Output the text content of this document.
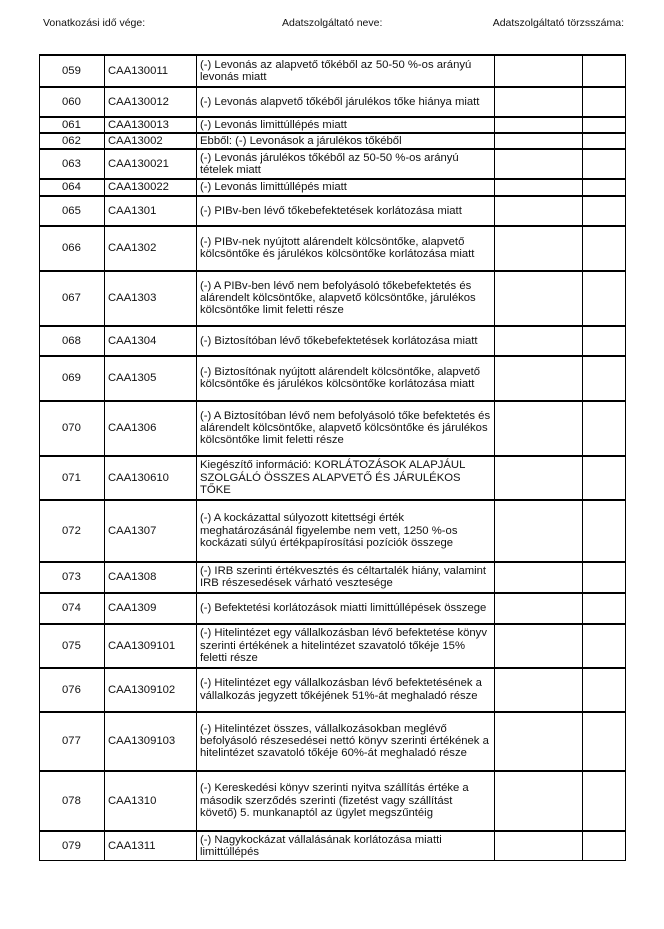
Vonatkozási idő vége:	Adatszolgáltató neve:	Adatszolgáltató törzsszáma:
059	CAA130011	(-) Levonás az alapvető tőkéből az 50-50 %-os arányú levonás miatt		
060	CAA130012	(-) Levonás alapvető tőkéből járulékos tőke hiánya miatt		
061	CAA130013	(-) Levonás limittúllépés miatt		
062	CAA13002	Ebből: (-) Levonások a járulékos tőkéből		
063	CAA130021	(-) Levonás járulékos tőkéből az 50-50 %-os arányú tételek miatt		
064	CAA130022	(-) Levonás limittúllépés miatt		
065	CAA1301	(-) PIBv-ben lévő tőkebefektetések korlátozása miatt		
066	CAA1302	(-) PIBv-nek nyújtott alárendelt kölcsöntőke, alapvető kölcsöntőke és járulékos kölcsöntőke korlátozása miatt		
067	CAA1303	(-) A PIBv-ben lévő nem befolyásoló tőkebefektetés és alárendelt kölcsöntőke, alapvető kölcsöntőke, járulékos kölcsöntőke limit feletti része		
068	CAA1304	(-) Biztosítóban lévő tőkebefektetések korlátozása miatt		
069	CAA1305	(-) Biztosítónak nyújtott alárendelt kölcsöntőke, alapvető kölcsöntőke és járulékos kölcsöntőke korlátozása miatt		
070	CAA1306	(-) A Biztosítóban lévő nem befolyásoló tőke befektetés és alárendelt kölcsöntőke, alapvető kölcsöntőke és járulékos kölcsöntőke limit feletti része		
071	CAA130610	Kiegészítő információ: KORLÁTOZÁSOK ALAPJÁUL SZOLGÁLÓ ÖSSZES ALAPVETŐ ÉS JÁRULÉKOS TŐKE		
072	CAA1307	(-) A kockázattal súlyozott kitettségi érték meghatározásánál figyelembe nem vett, 1250 %-os kockázati súlyú értékpapírosítási pozíciók összege		
073	CAA1308	(-) IRB szerinti értékvesztés és céltartalék hiány, valamint IRB részesedések várható vesztesége		
074	CAA1309	(-) Befektetési korlátozások miatti limittúllépések összege		
075	CAA1309101	(-) Hitelintézet egy vállalkozásban lévő befektetése könyv szerinti értékének a hitelintézet szavatoló tőkéje 15% feletti része		
076	CAA1309102	(-) Hitelintézet egy vállalkozásban lévő befektetésének a vállalkozás jegyzett tőkéjének 51%-át meghaladó része		
077	CAA1309103	(-) Hitelintézet összes, vállalkozásokban meglévő befolyásoló részesedései nettó könyv szerinti értékének a hitelintézet szavatoló tőkéje 60%-át meghaladó része		
078	CAA1310	(-) Kereskedési könyv szerinti nyitva szállítás értéke a második szerződés szerinti (fizetést vagy szállítást követő) 5. munkanaptól az ügylet megszűntéig		
079	CAA1311	(-) Nagykockázat vállalásának korlátozása miatti limittúllépés		
